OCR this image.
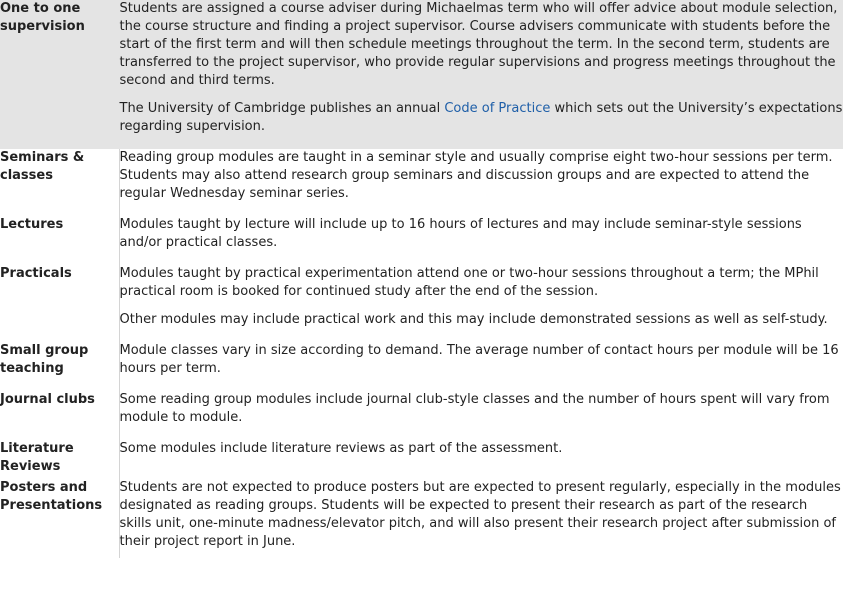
One to one supervision	Students are assigned a course adviser during Michaelmas term who will offer advice about module selection, the course structure and finding a project supervisor. Course advisers communicate with students before the start of the first term and will then schedule meetings throughout the term. In the second term, students are transferred to the project supervisor, who provide regular supervisions and progress meetings throughout the second and third terms.

The University of Cambridge publishes an annual Code of Practice which sets out the University’s expectations regarding supervision.

Seminars & classes	Reading group modules are taught in a seminar style and usually comprise eight two-hour sessions per term. Students may also attend research group seminars and discussion groups and are expected to attend the regular Wednesday seminar series.

Lectures	Modules taught by lecture will include up to 16 hours of lectures and may include seminar-style sessions and/or practical classes.

Practicals	Modules taught by practical experimentation attend one or two-hour sessions throughout a term; the MPhil practical room is booked for continued study after the end of the session.

Other modules may include practical work and this may include demonstrated sessions as well as self-study.

Small group teaching	Module classes vary in size according to demand. The average number of contact hours per module will be 16 hours per term.

Journal clubs	Some reading group modules include journal club-style classes and the number of hours spent will vary from module to module.

Literature Reviews	Some modules include literature reviews as part of the assessment.

Posters and Presentations	Students are not expected to produce posters but are expected to present regularly, especially in the modules designated as reading groups. Students will be expected to present their research as part of the research skills unit, one-minute madness/elevator pitch, and will also present their research project after submission of their project report in June.
